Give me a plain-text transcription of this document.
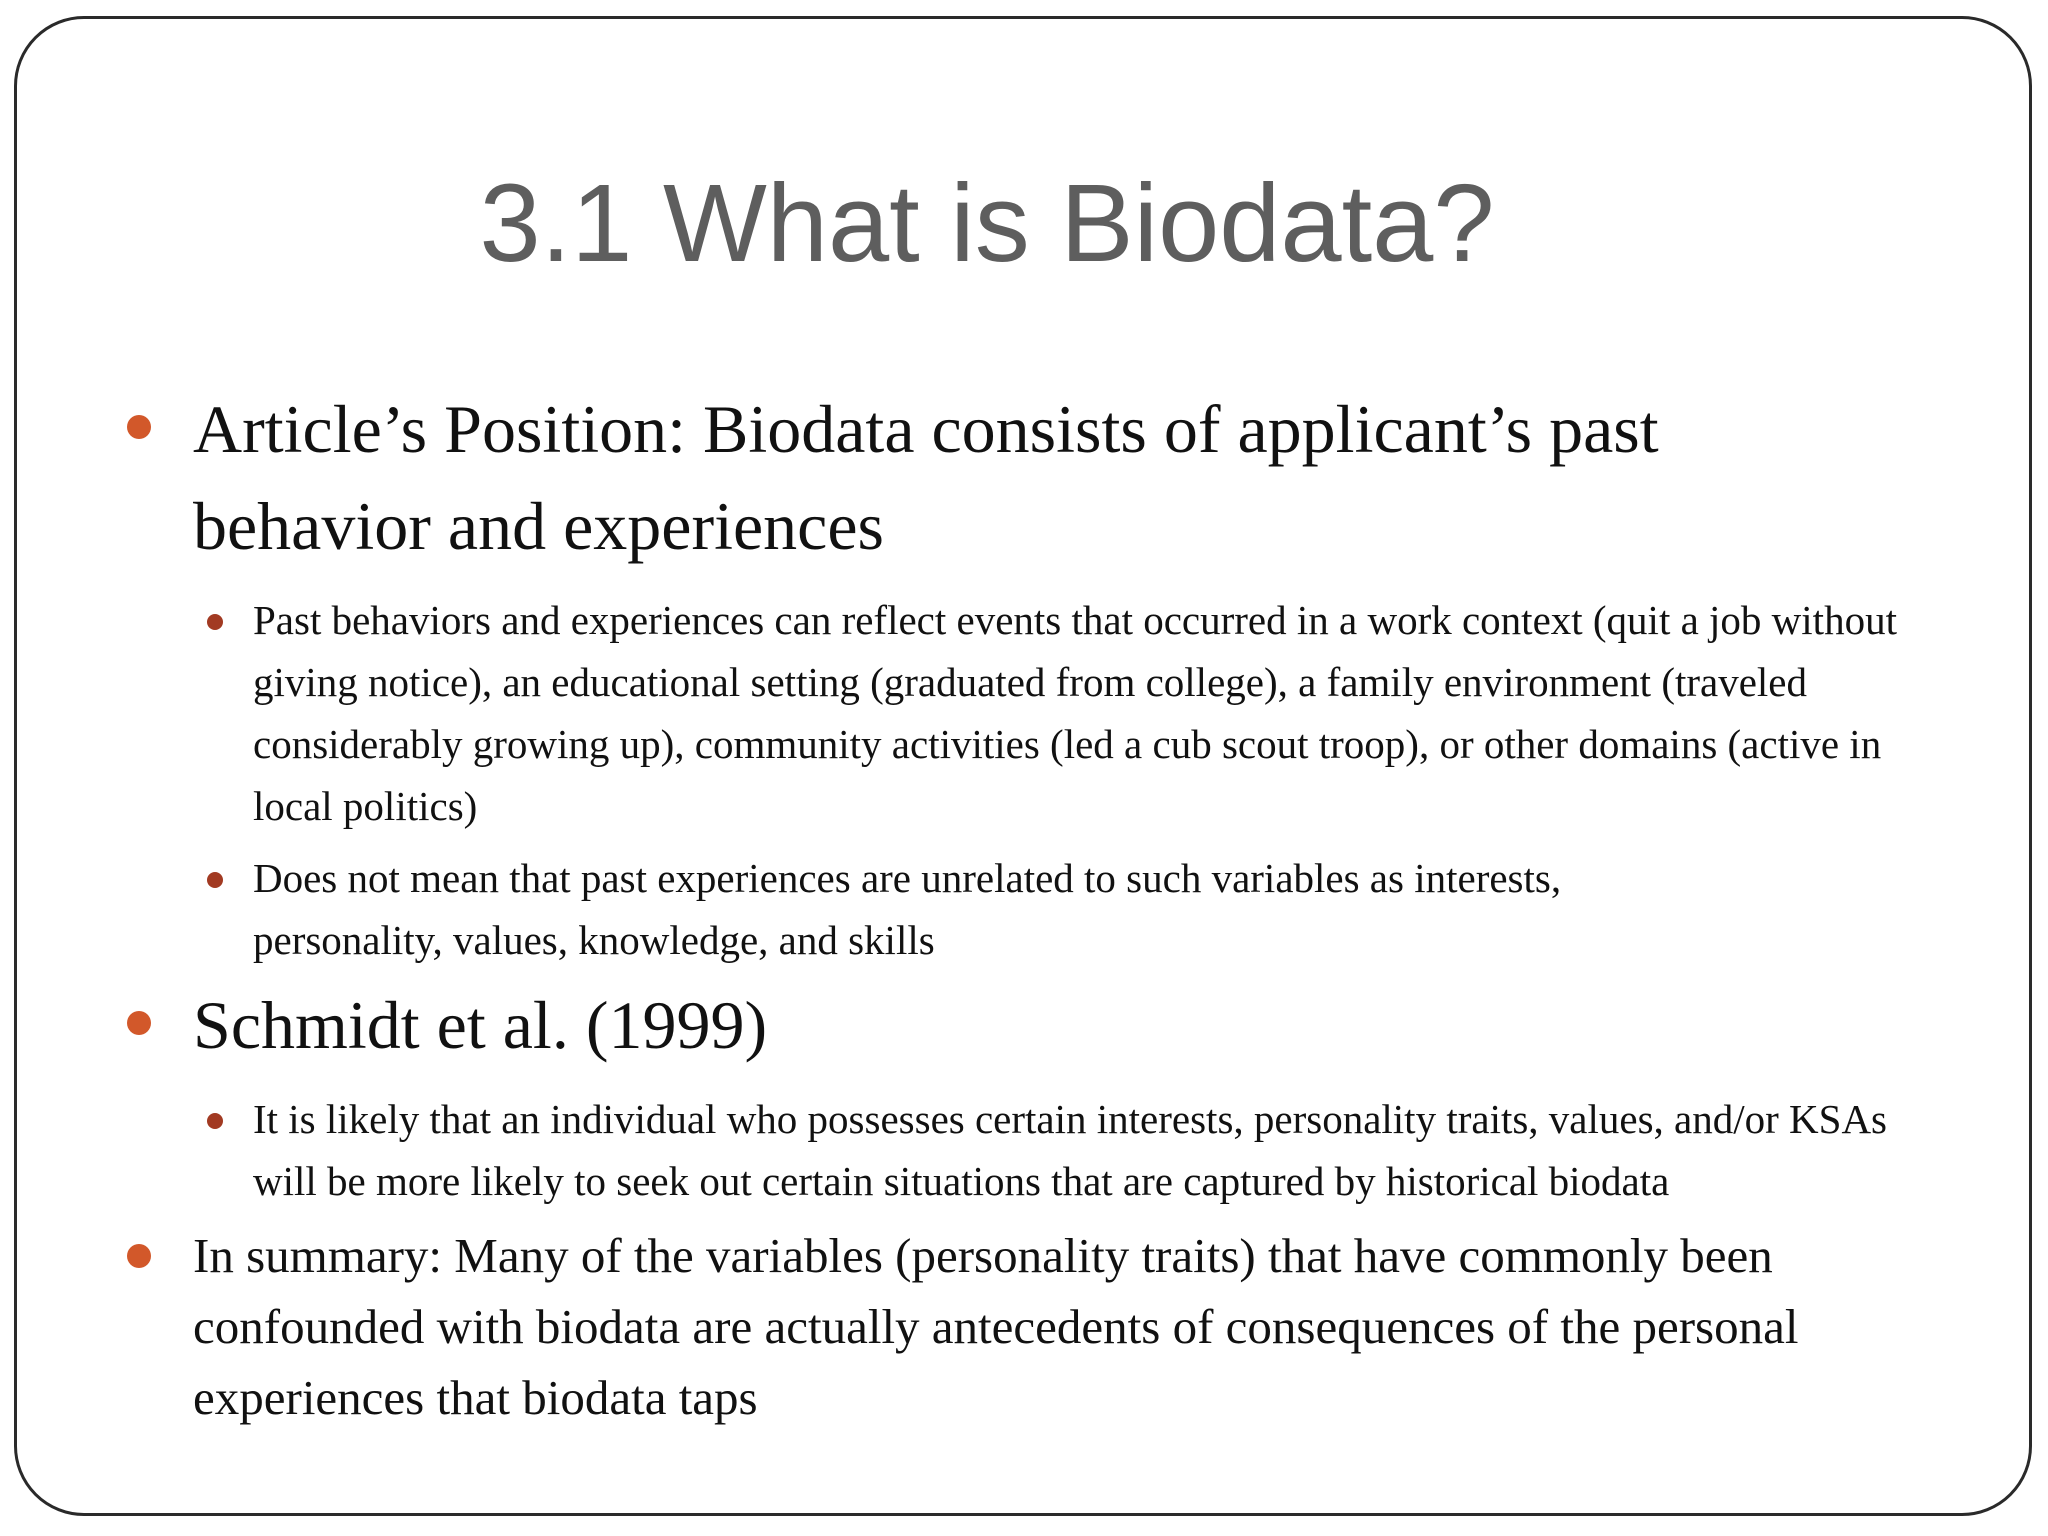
3.1 What is Biodata?
Article’s Position: Biodata consists of applicant’s past behavior and experiences
Past behaviors and experiences can reflect events that occurred in a work context (quit a job without giving notice), an educational setting (graduated from college), a family environment (traveled considerably growing up), community activities (led a cub scout troop), or other domains (active in local politics)
Does not mean that past experiences are unrelated to such variables as interests, personality, values, knowledge, and skills
Schmidt et al. (1999)
It is likely that an individual who possesses certain interests, personality traits, values, and/or KSAs will be more likely to seek out certain situations that are captured by historical biodata
In summary: Many of the variables (personality traits) that have commonly been confounded with biodata are actually antecedents of consequences of the personal experiences that biodata taps
